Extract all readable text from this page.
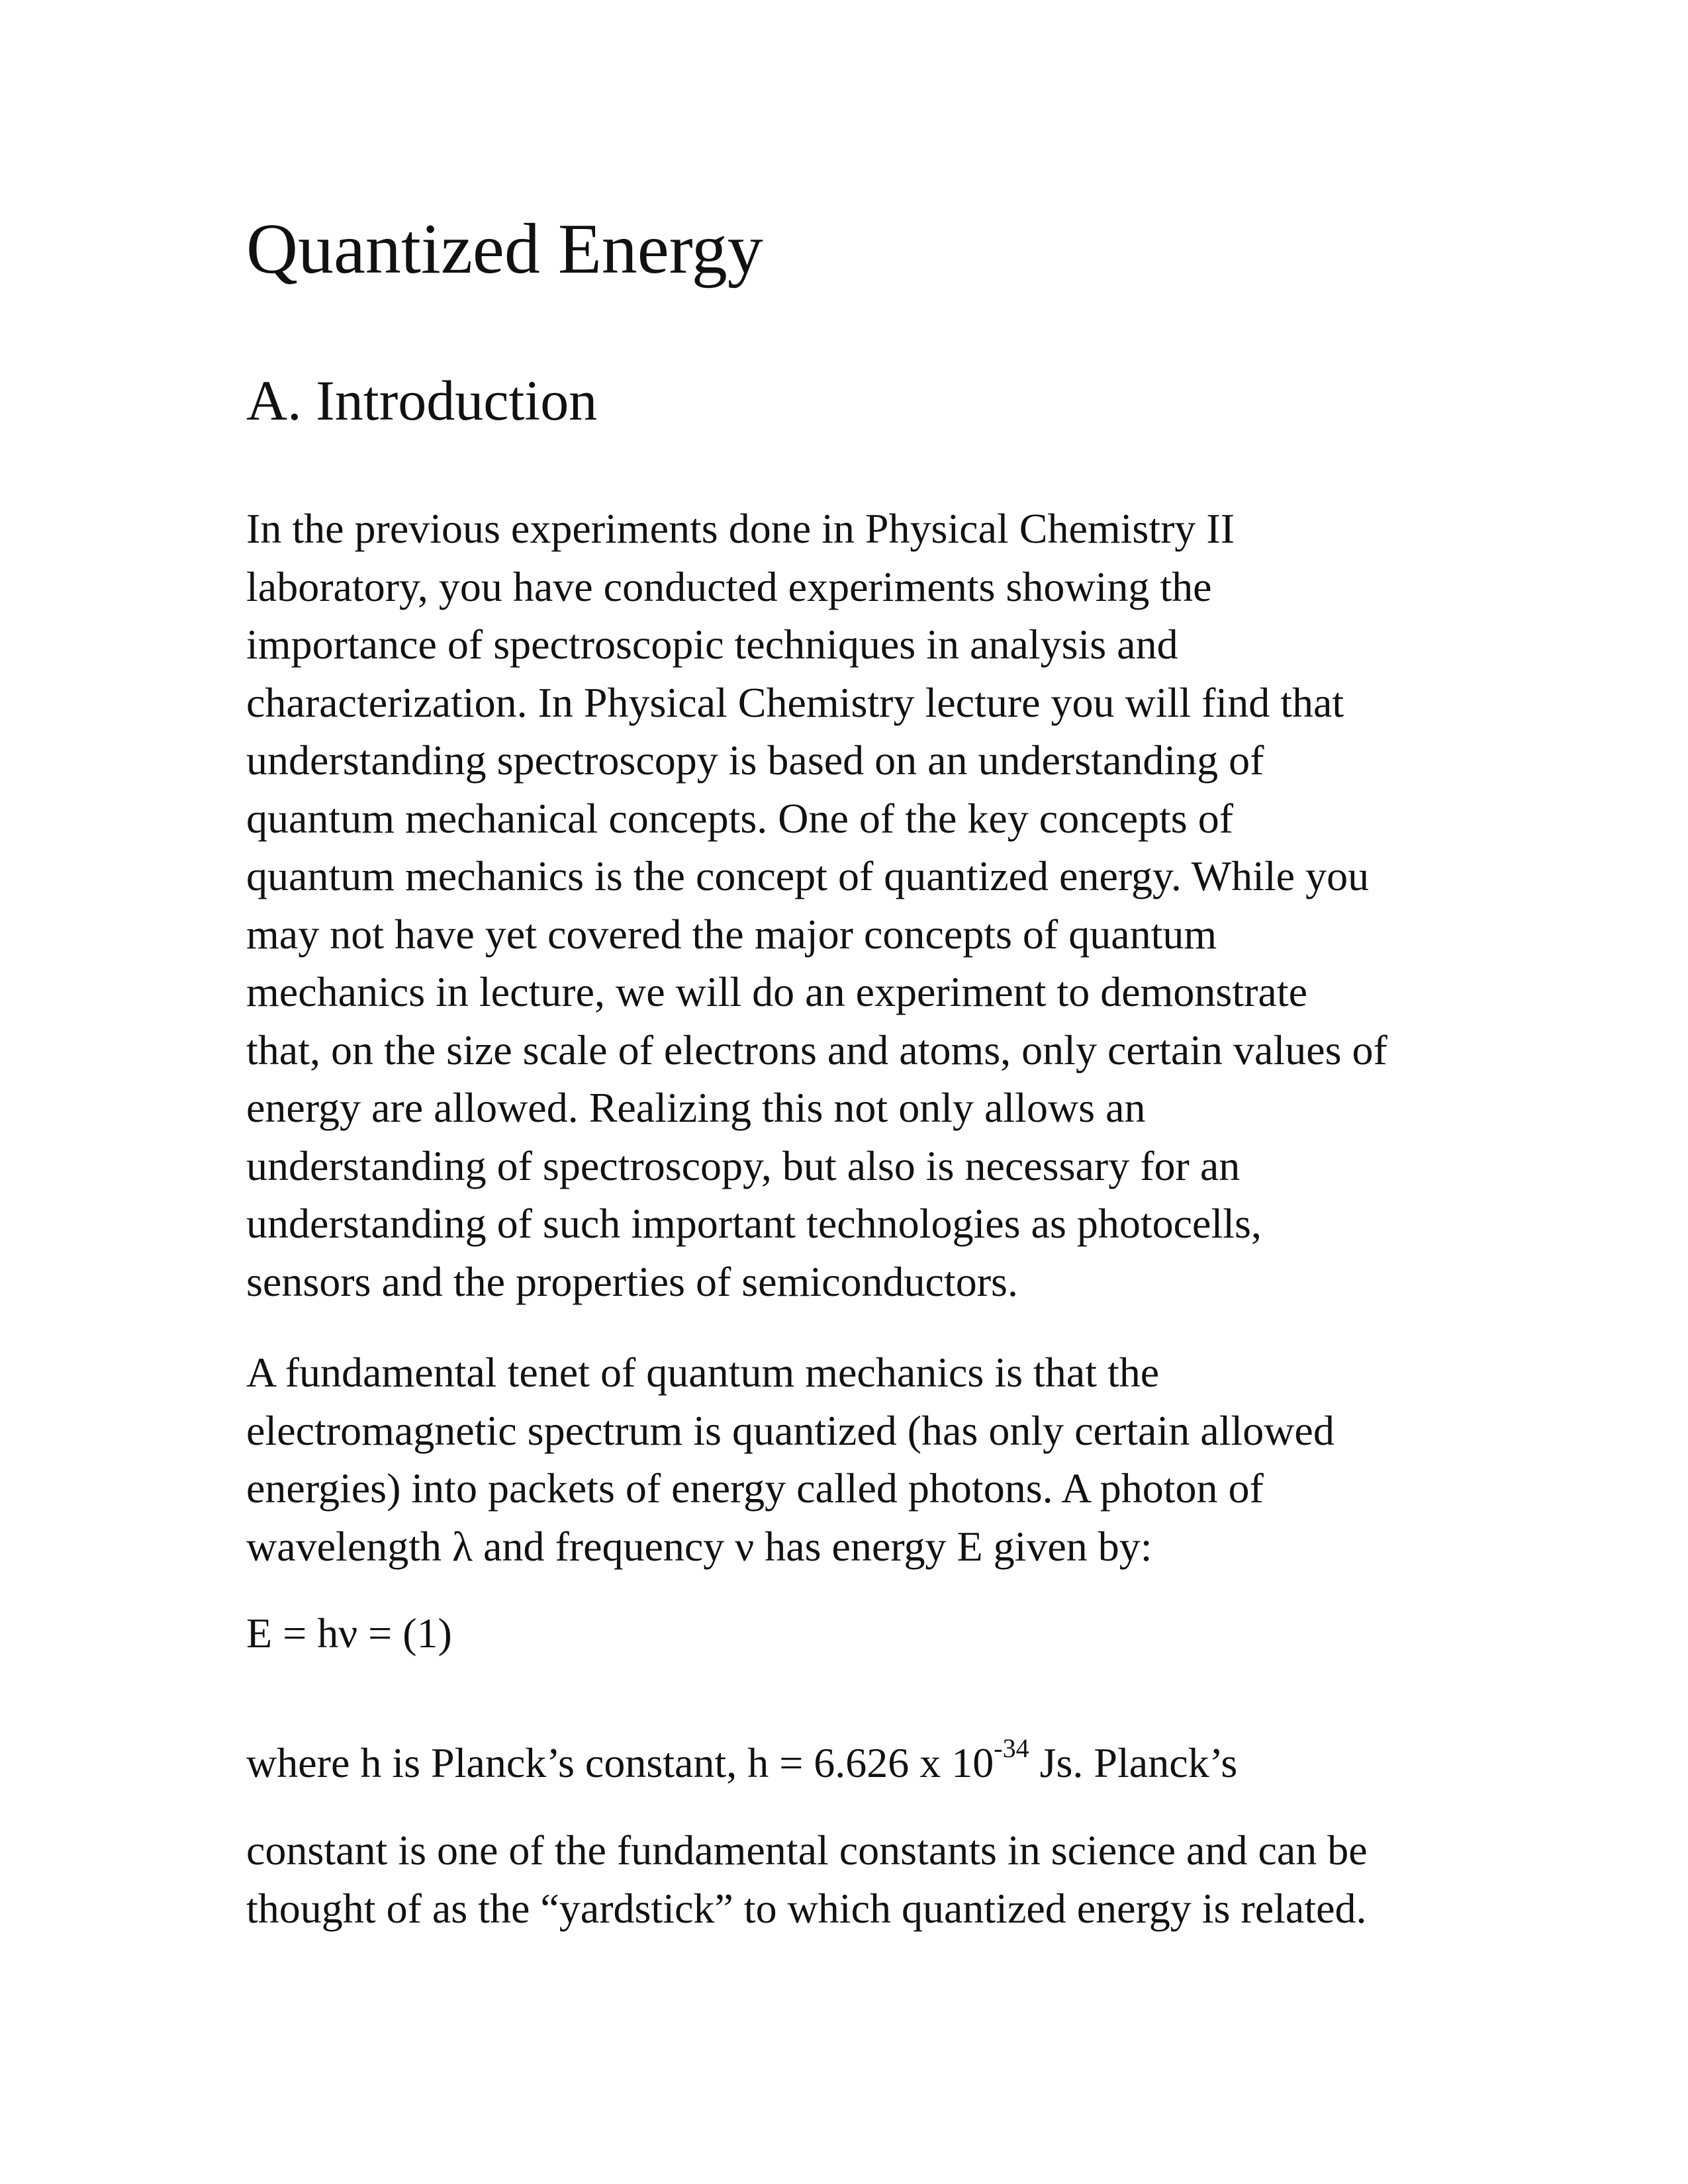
Quantized Energy
A. Introduction

In the previous experiments done in Physical Chemistry II
laboratory, you have conducted experiments showing the
importance of spectroscopic techniques in analysis and
characterization. In Physical Chemistry lecture you will find that
understanding spectroscopy is based on an understanding of
quantum mechanical concepts. One of the key concepts of
quantum mechanics is the concept of quantized energy. While you
may not have yet covered the major concepts of quantum
mechanics in lecture, we will do an experiment to demonstrate
that, on the size scale of electrons and atoms, only certain values of
energy are allowed. Realizing this not only allows an
understanding of spectroscopy, but also is necessary for an
understanding of such important technologies as photocells,
sensors and the properties of semiconductors.

A fundamental tenet of quantum mechanics is that the
electromagnetic spectrum is quantized (has only certain allowed
energies) into packets of energy called photons. A photon of
wavelength λ and frequency ν has energy E given by:

E = hν = (1)

where h is Planck’s constant, h = 6.626 x $10^{-34}$ Js. Planck’s

constant is one of the fundamental constants in science and can be
thought of as the “yardstick” to which quantized energy is related.
